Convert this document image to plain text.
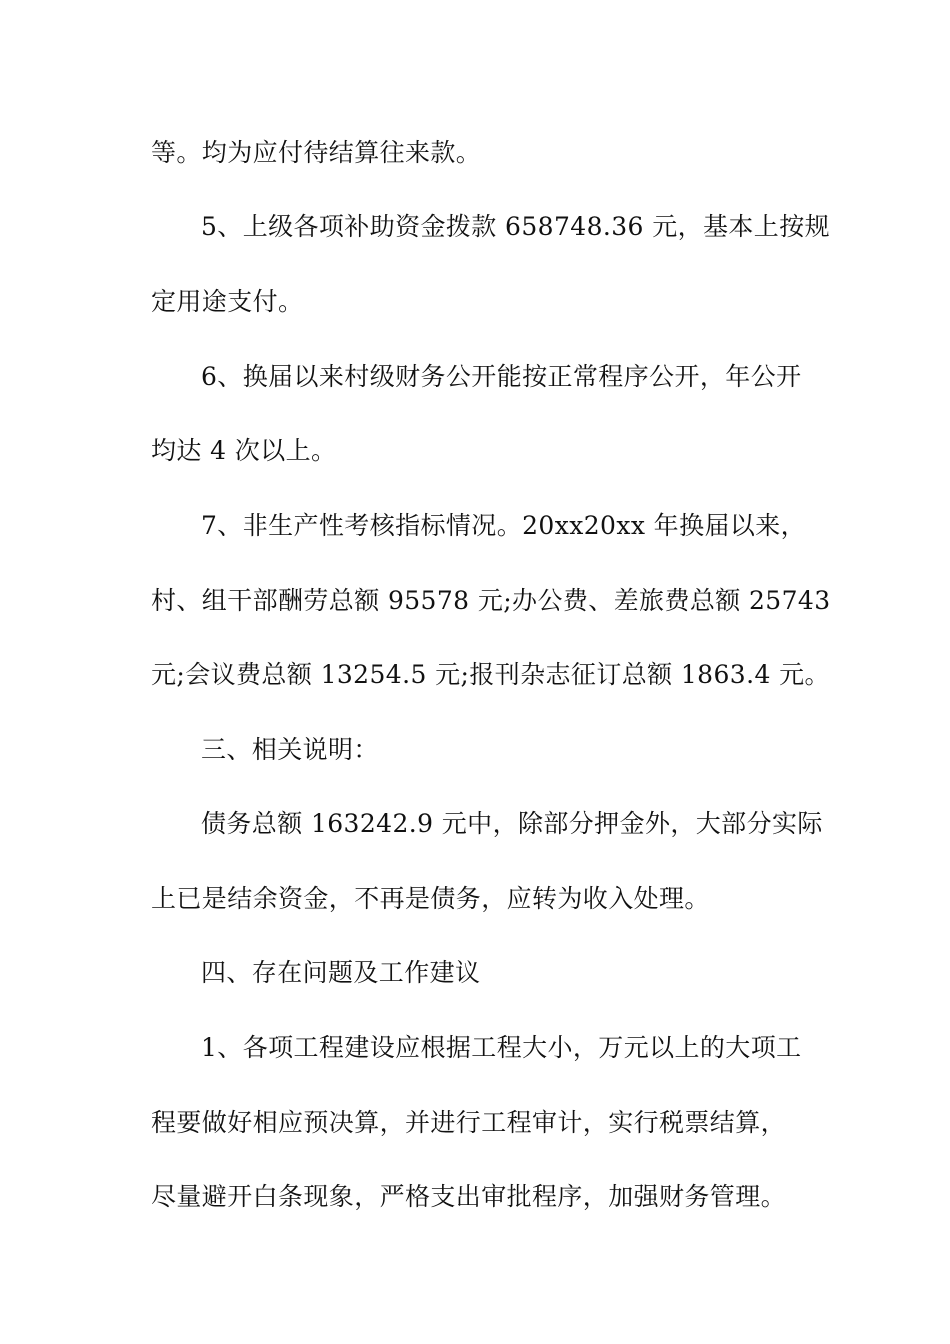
等。均为应付待结算往来款。

5、上级各项补助资金拨款 658748.36 元，基本上按规

定用途支付。

6、换届以来村级财务公开能按正常程序公开，年公开

均达 4 次以上。

7、非生产性考核指标情况。20xx20xx 年换届以来，

村、组干部酬劳总额 95578 元;办公费、差旅费总额 25743

元;会议费总额 13254.5 元;报刊杂志征订总额 1863.4 元。

三、相关说明：

债务总额 163242.9 元中，除部分押金外，大部分实际

上已是结余资金，不再是债务，应转为收入处理。

四、存在问题及工作建议

1、各项工程建设应根据工程大小，万元以上的大项工

程要做好相应预决算，并进行工程审计，实行税票结算，

尽量避开白条现象，严格支出审批程序，加强财务管理。
